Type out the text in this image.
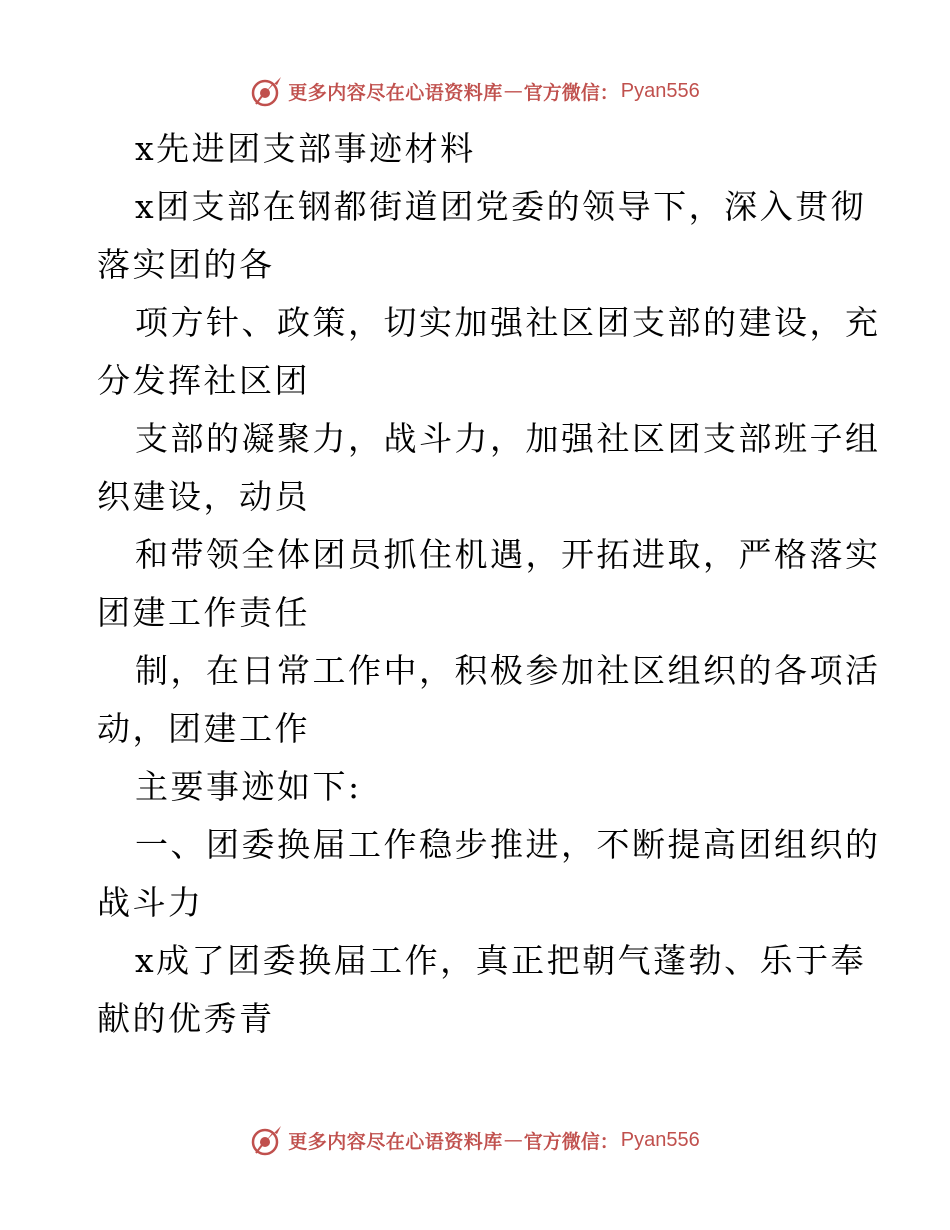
更多内容尽在心语资料库 — 官方微信： Pyan556
x先进团支部事迹材料
x团支部在钢都街道团党委的领导下，深入贯彻
落实团的各
项方针、政策，切实加强社区团支部的建设，充
分发挥社区团
支部的凝聚力，战斗力，加强社区团支部班子组
织建设，动员
和带领全体团员抓住机遇，开拓进取，严格落实
团建工作责任
制，在日常工作中，积极参加社区组织的各项活
动，团建工作
主要事迹如下:
一、团委换届工作稳步推进，不断提高团组织的
战斗力
x成了团委换届工作，真正把朝气蓬勃、乐于奉
献的优秀青
更多内容尽在心语资料库 — 官方微信： Pyan556
